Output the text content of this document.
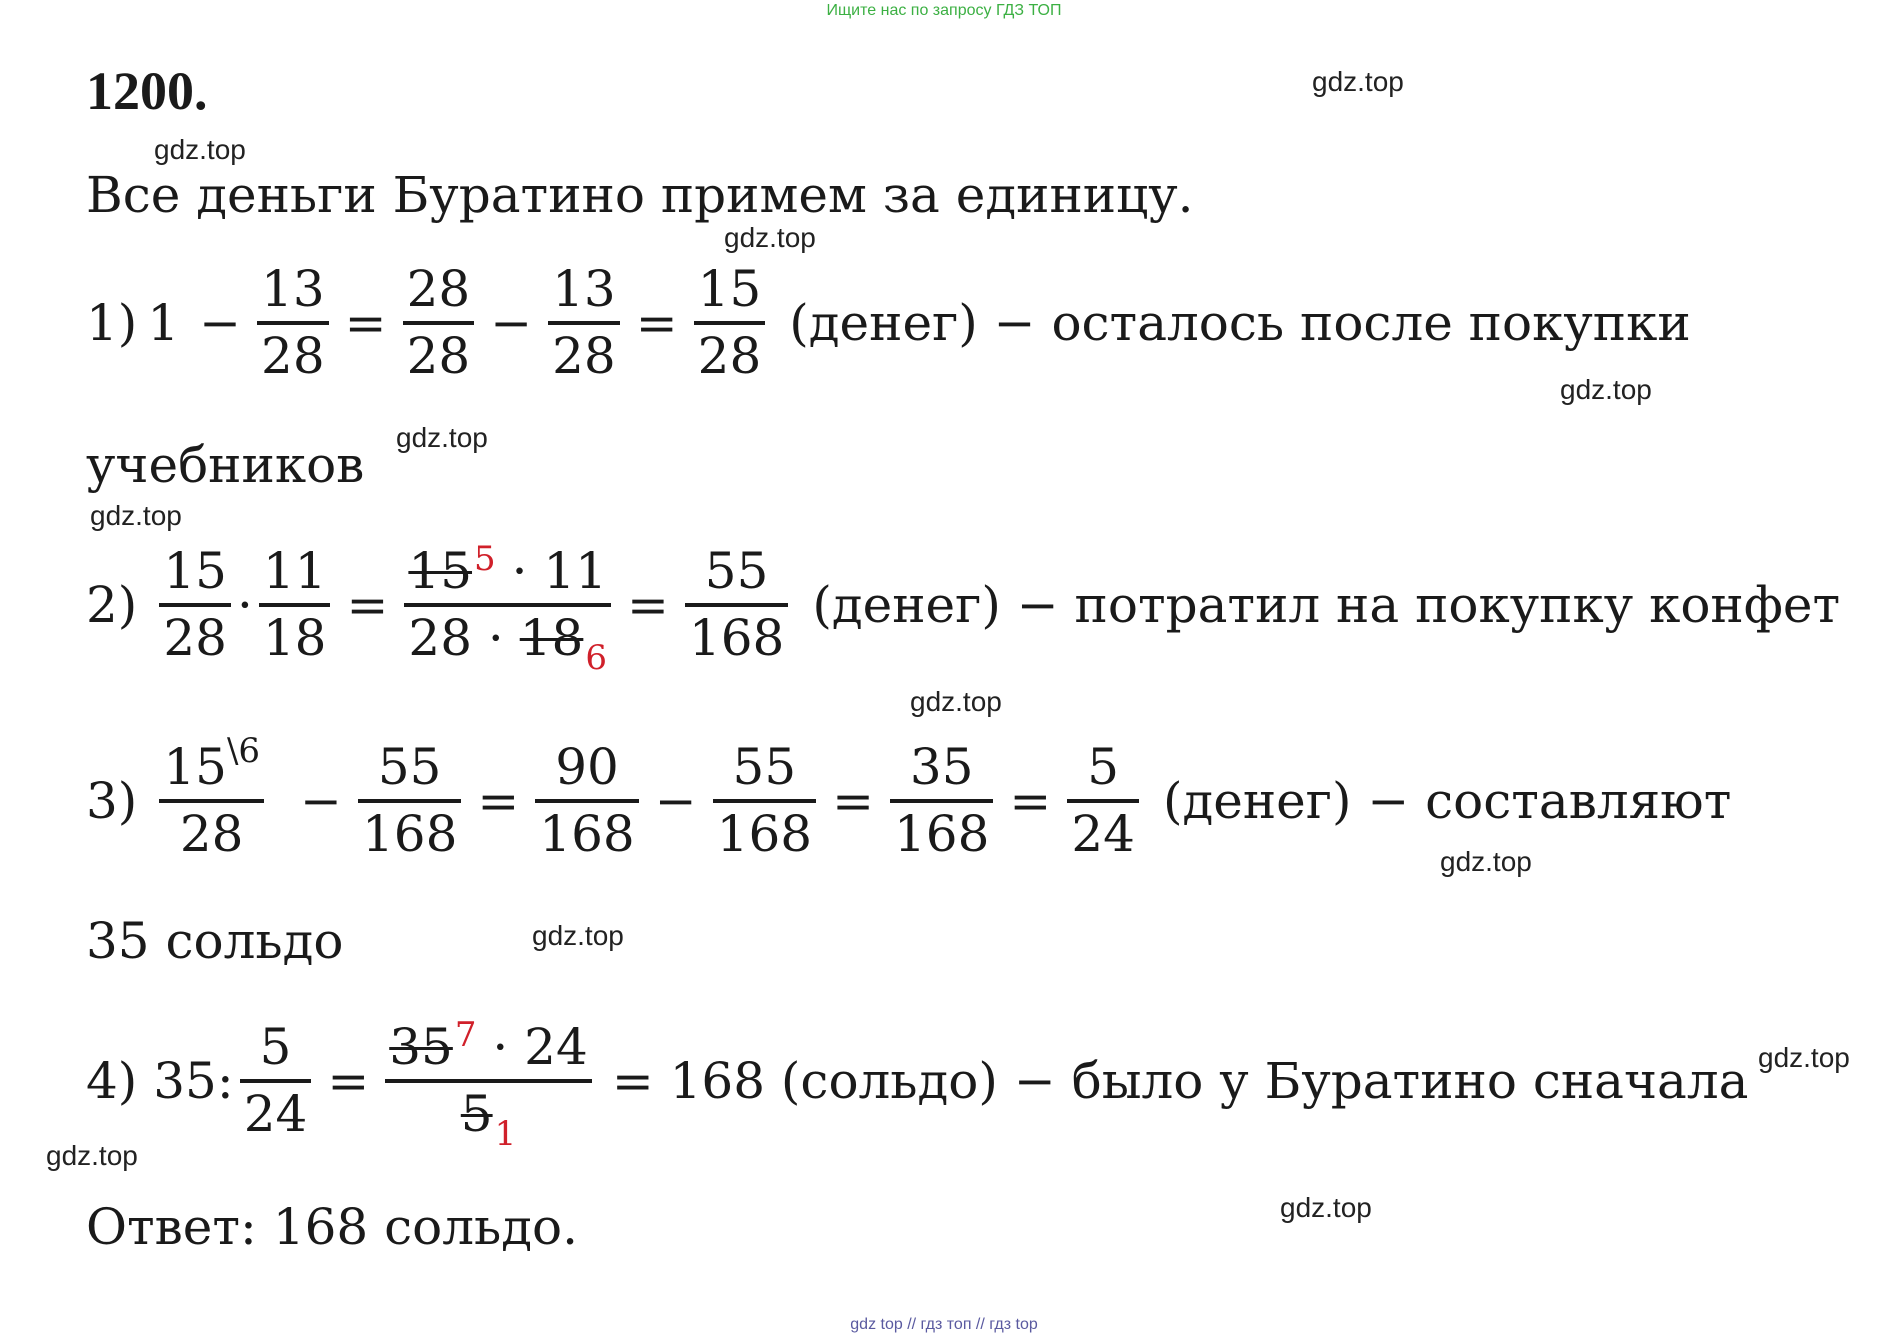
Ищите нас по запросу ГДЗ ТОП
1200.
Все деньги Буратино примем за единицу.
1) $1 - \frac{13}{28} = \frac{28}{28} - \frac{13}{28} = \frac{15}{28}$ (денег) − осталось после покупки
учебников
$2) \frac{15}{28} \cdot \frac{11}{18} = \frac{15^5 \cdot 11}{28 \cdot 18_6} = \frac{55}{168}$ (денег) − потратил на покупку конфет
$3) \frac{15^{\backslash 6}}{28} - \frac{55}{168} = \frac{90}{168} - \frac{55}{168} = \frac{35}{168} = \frac{5}{24}$ (денег) − составляют
35 сольдо
4) 35: $\frac{5}{24} = \frac{35^7 \cdot 24}{5_1} = 168$ (сольдо) − было у Буратино сначала
Ответ: 168 сольдо.
gdz.top
gdz.top
gdz.top
gdz.top
gdz.top
gdz.top
gdz.top
gdz.top
gdz.top
gdz.top
gdz.top
gdz.top
gdz top // гдз топ // гдз top
